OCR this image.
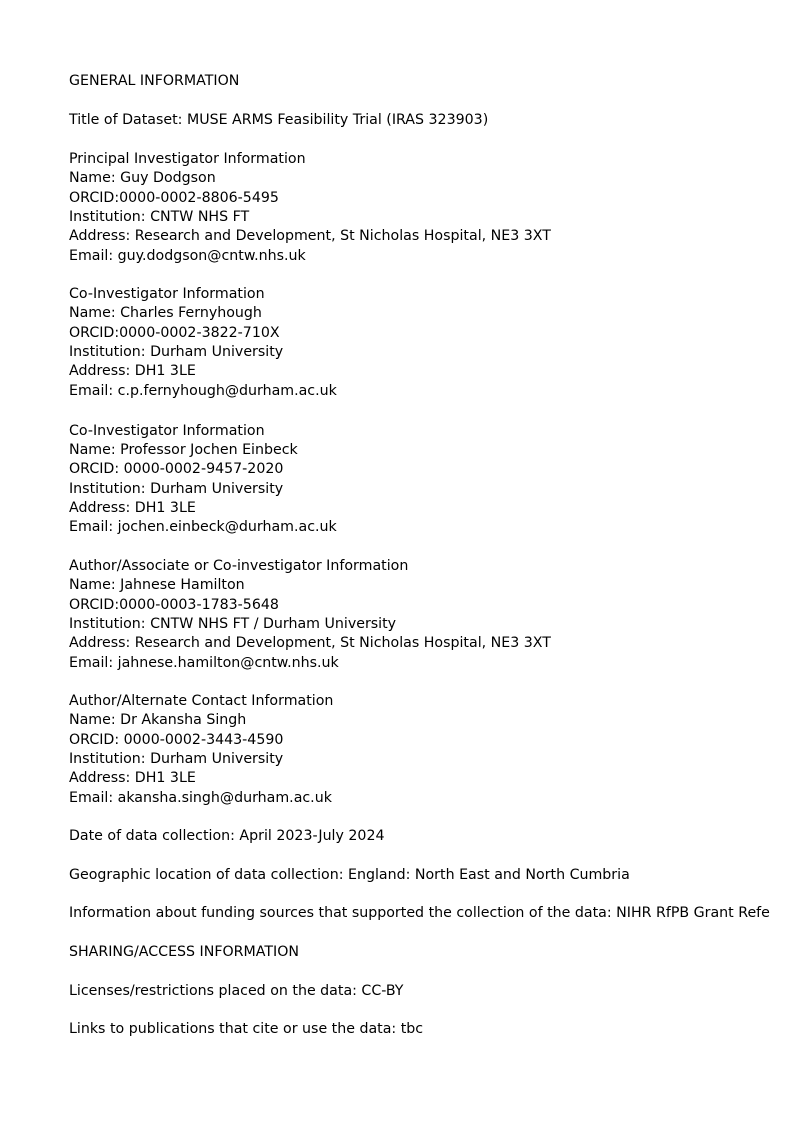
GENERAL INFORMATION

Title of Dataset: MUSE ARMS Feasibility Trial (IRAS 323903)

Principal Investigator Information

Name: Guy Dodgson

ORCID:0000-0002-8806-5495

Institution: CNTW NHS FT

Address: Research and Development, St Nicholas Hospital, NE3 3XT

Email: guy.dodgson@cntw.nhs.uk

Co-Investigator Information

Name: Charles Fernyhough

ORCID:0000-0002-3822-710X

Institution: Durham University

Address: DH1 3LE

Email: c.p.fernyhough@durham.ac.uk

Co-Investigator Information

Name: Professor Jochen Einbeck

ORCID: 0000-0002-9457-2020

Institution: Durham University

Address: DH1 3LE

Email: jochen.einbeck@durham.ac.uk

Author/Associate or Co-investigator Information

Name: Jahnese Hamilton

ORCID:0000-0003-1783-5648

Institution: CNTW NHS FT / Durham University

Address: Research and Development, St Nicholas Hospital, NE3 3XT

Email: jahnese.hamilton@cntw.nhs.uk

Author/Alternate Contact Information

Name: Dr Akansha Singh

ORCID: 0000-0002-3443-4590

Institution: Durham University

Address: DH1 3LE

Email: akansha.singh@durham.ac.uk

Date of data collection: April 2023-July 2024

Geographic location of data collection: England: North East and North Cumbria

Information about funding sources that supported the collection of the data: NIHR RfPB Grant Refe

SHARING/ACCESS INFORMATION

Licenses/restrictions placed on the data: CC-BY

Links to publications that cite or use the data: tbc
